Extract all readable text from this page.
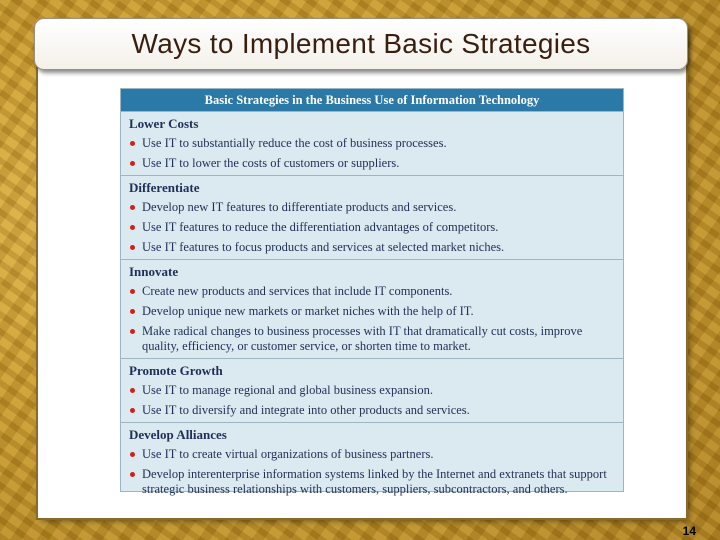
Ways to Implement Basic Strategies
Basic Strategies in the Business Use of Information Technology
Lower Costs
Use IT to substantially reduce the cost of business processes.
Use IT to lower the costs of customers or suppliers.
Differentiate
Develop new IT features to differentiate products and services.
Use IT features to reduce the differentiation advantages of competitors.
Use IT features to focus products and services at selected market niches.
Innovate
Create new products and services that include IT components.
Develop unique new markets or market niches with the help of IT.
Make radical changes to business processes with IT that dramatically cut costs, improve quality, efficiency, or customer service, or shorten time to market.
Promote Growth
Use IT to manage regional and global business expansion.
Use IT to diversify and integrate into other products and services.
Develop Alliances
Use IT to create virtual organizations of business partners.
Develop interenterprise information systems linked by the Internet and extranets that support strategic business relationships with customers, suppliers, subcontractors, and others.
14
